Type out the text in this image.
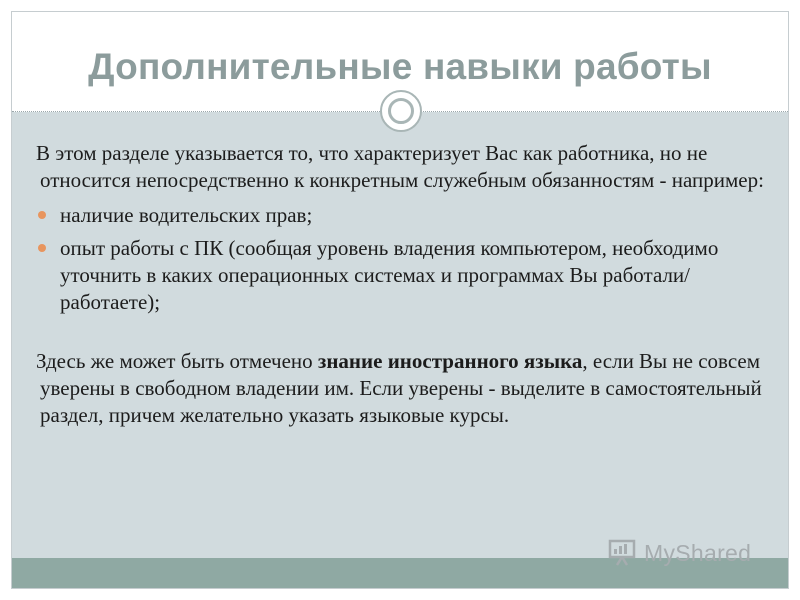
Дополнительные навыки работы

В этом разделе указывается то, что характеризует Вас как работника, но не относится непосредственно к конкретным служебным обязанностям - например:

наличие водительских прав;
опыт работы с ПК (сообщая уровень владения компьютером, необходимо уточнить в каких операционных системах и программах Вы работали/работаете);

Здесь же может быть отмечено знание иностранного языка, если Вы не совсем уверены в свободном владении им. Если уверены - выделите в самостоятельный раздел, причем желательно указать языковые курсы.

MyShared
